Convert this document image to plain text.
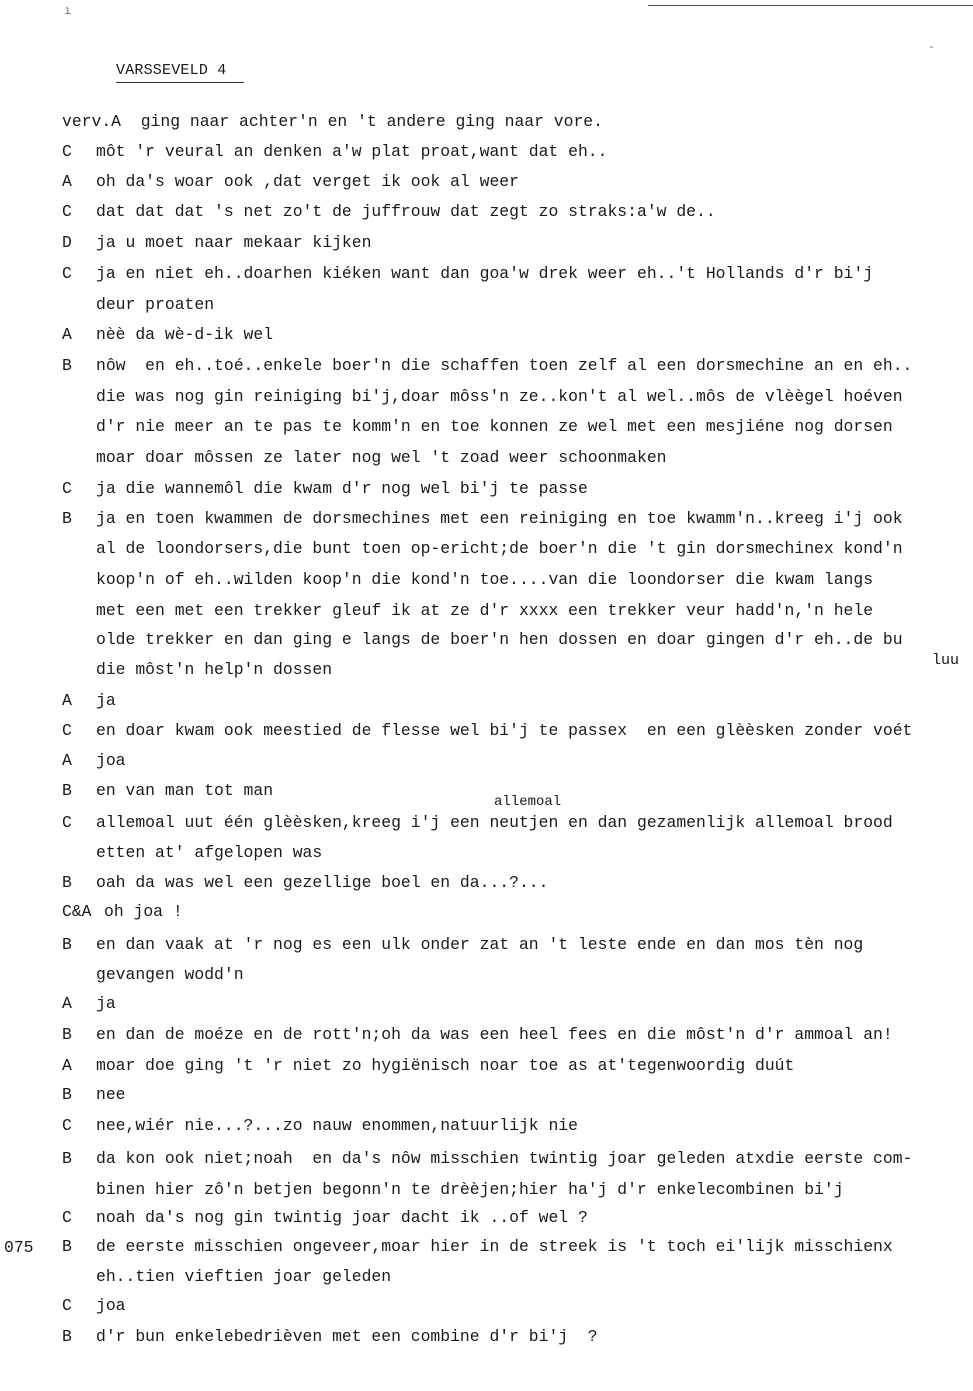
ı
-
VARSSEVELD 4
verv.A  ging naar achter'n en 't andere ging naar vore.
C môt 'r veural an denken a'w plat proat,want dat eh..
A oh da's woar ook ,dat verget ik ook al weer
C dat dat dat 's net zo't de juffrouw dat zegt zo straks:a'w de..
D ja u moet naar mekaar kijken
C ja en niet eh..doarhen kiéken want dan goa'w drek weer eh..'t Hollands d'r bi'j
deur proaten
A nèè da wè-d-ik wel
B nôw  en eh..toé..enkele boer'n die schaffen toen zelf al een dorsmechine an en eh..
die was nog gin reiniging bi'j,doar môss'n ze..kon't al wel..môs de vlèègel hoéven
d'r nie meer an te pas te komm'n en toe konnen ze wel met een mesjiéne nog dorsen
moar doar môssen ze later nog wel 't zoad weer schoonmaken
C ja die wannemôl die kwam d'r nog wel bi'j te passe
B ja en toen kwammen de dorsmechines met een reiniging en toe kwamm'n..kreeg i'j ook
al de loondorsers,die bunt toen op-ericht;de boer'n die 't gin dorsmechinex kond'n
koop'n of eh..wilden koop'n die kond'n toe....van die loondorser die kwam langs
met een met een trekker gleuf ik at ze d'r xxxx een trekker veur hadd'n,'n hele
olde trekker en dan ging e langs de boer'n hen dossen en doar gingen d'r eh..de bu
die môst'n help'n dossen
A ja
C en doar kwam ook meestied de flesse wel bi'j te passex  en een glèèsken zonder voét
A joa
B en van man tot man
C allemoal uut één glèèsken,kreeg i'j een neutjen en dan gezamenlijk allemoal brood
etten at' afgelopen was
B oah da was wel een gezellige boel en da...?...
C&A oh joa !
B en dan vaak at 'r nog es een ulk onder zat an 't leste ende en dan mos tèn nog
gevangen wodd'n
A ja
B en dan de moéze en de rott'n;oh da was een heel fees en die môst'n d'r ammoal an!
A moar doe ging 't 'r niet zo hygiënisch noar toe as at'tegenwoordig duút
B nee
C nee,wiér nie...?...zo nauw enommen,natuurlijk nie
B da kon ook niet;noah  en da's nôw misschien twintig joar geleden atxdie eerste com-
binen hier zô'n betjen begonn'n te drèèjen;hier ha'j d'r enkelecombinen bi'j
C noah da's nog gin twintig joar dacht ik ..of wel ?
B de eerste misschien ongeveer,moar hier in de streek is 't toch ei'lijk misschienx
eh..tien vieftien joar geleden
C joa
B d'r bun enkelebedrièven met een combine d'r bi'j  ?
075
luu
allemoal
